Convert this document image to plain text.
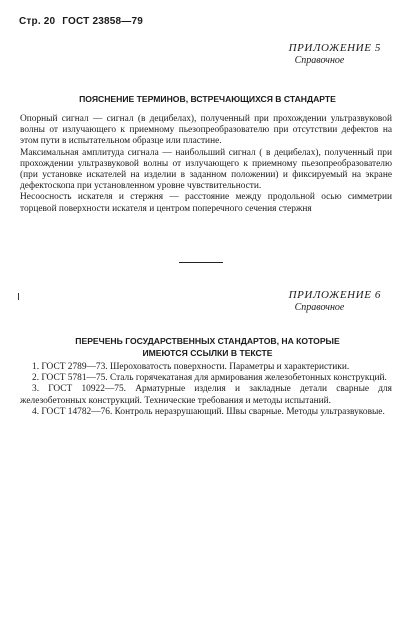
Стр. 20 ГОСТ 23858—79
ПРИЛОЖЕНИЕ 5
Справочное
ПОЯСНЕНИЕ ТЕРМИНОВ, ВСТРЕЧАЮЩИХСЯ В СТАНДАРТЕ

Опорный сигнал — сигнал (в децибелах), полученный при прохождении ультразвуковой волны от излучающего к приемному пьезопреобразователю при отсутствии дефектов на этом пути в испытательном образце или пластине.

Максимальная амплитуда сигнала — наибольший сигнал ( в децибелах), полученный при прохождении ультразвуковой волны от излучающего к приемному пьезопреобразователю (при установке искателей на изделии в заданном положении) и фиксируемый на экране дефектоскопа при установленном уровне чувствительности.

Несоосность искателя и стержня — расстояние между продольной осью симметрии торцевой поверхности искателя и центром поперечного сечения стержня

ПРИЛОЖЕНИЕ 6
Справочное
ПЕРЕЧЕНЬ ГОСУДАРСТВЕННЫХ СТАНДАРТОВ, НА КОТОРЫЕ
ИМЕЮТСЯ ССЫЛКИ В ТЕКСТЕ

1. ГОСТ 2789—73. Шероховатость поверхности. Параметры и характеристики.

2. ГОСТ 5781—75. Сталь горячекатаная для армирования железобетонных конструкций.

3. ГОСТ 10922—75. Арматурные изделия и закладные детали сварные для железобетонных конструкций. Технические требования и методы испытаний.

4. ГОСТ 14782—76. Контроль неразрушающий. Швы сварные. Методы ультразвуковые.
